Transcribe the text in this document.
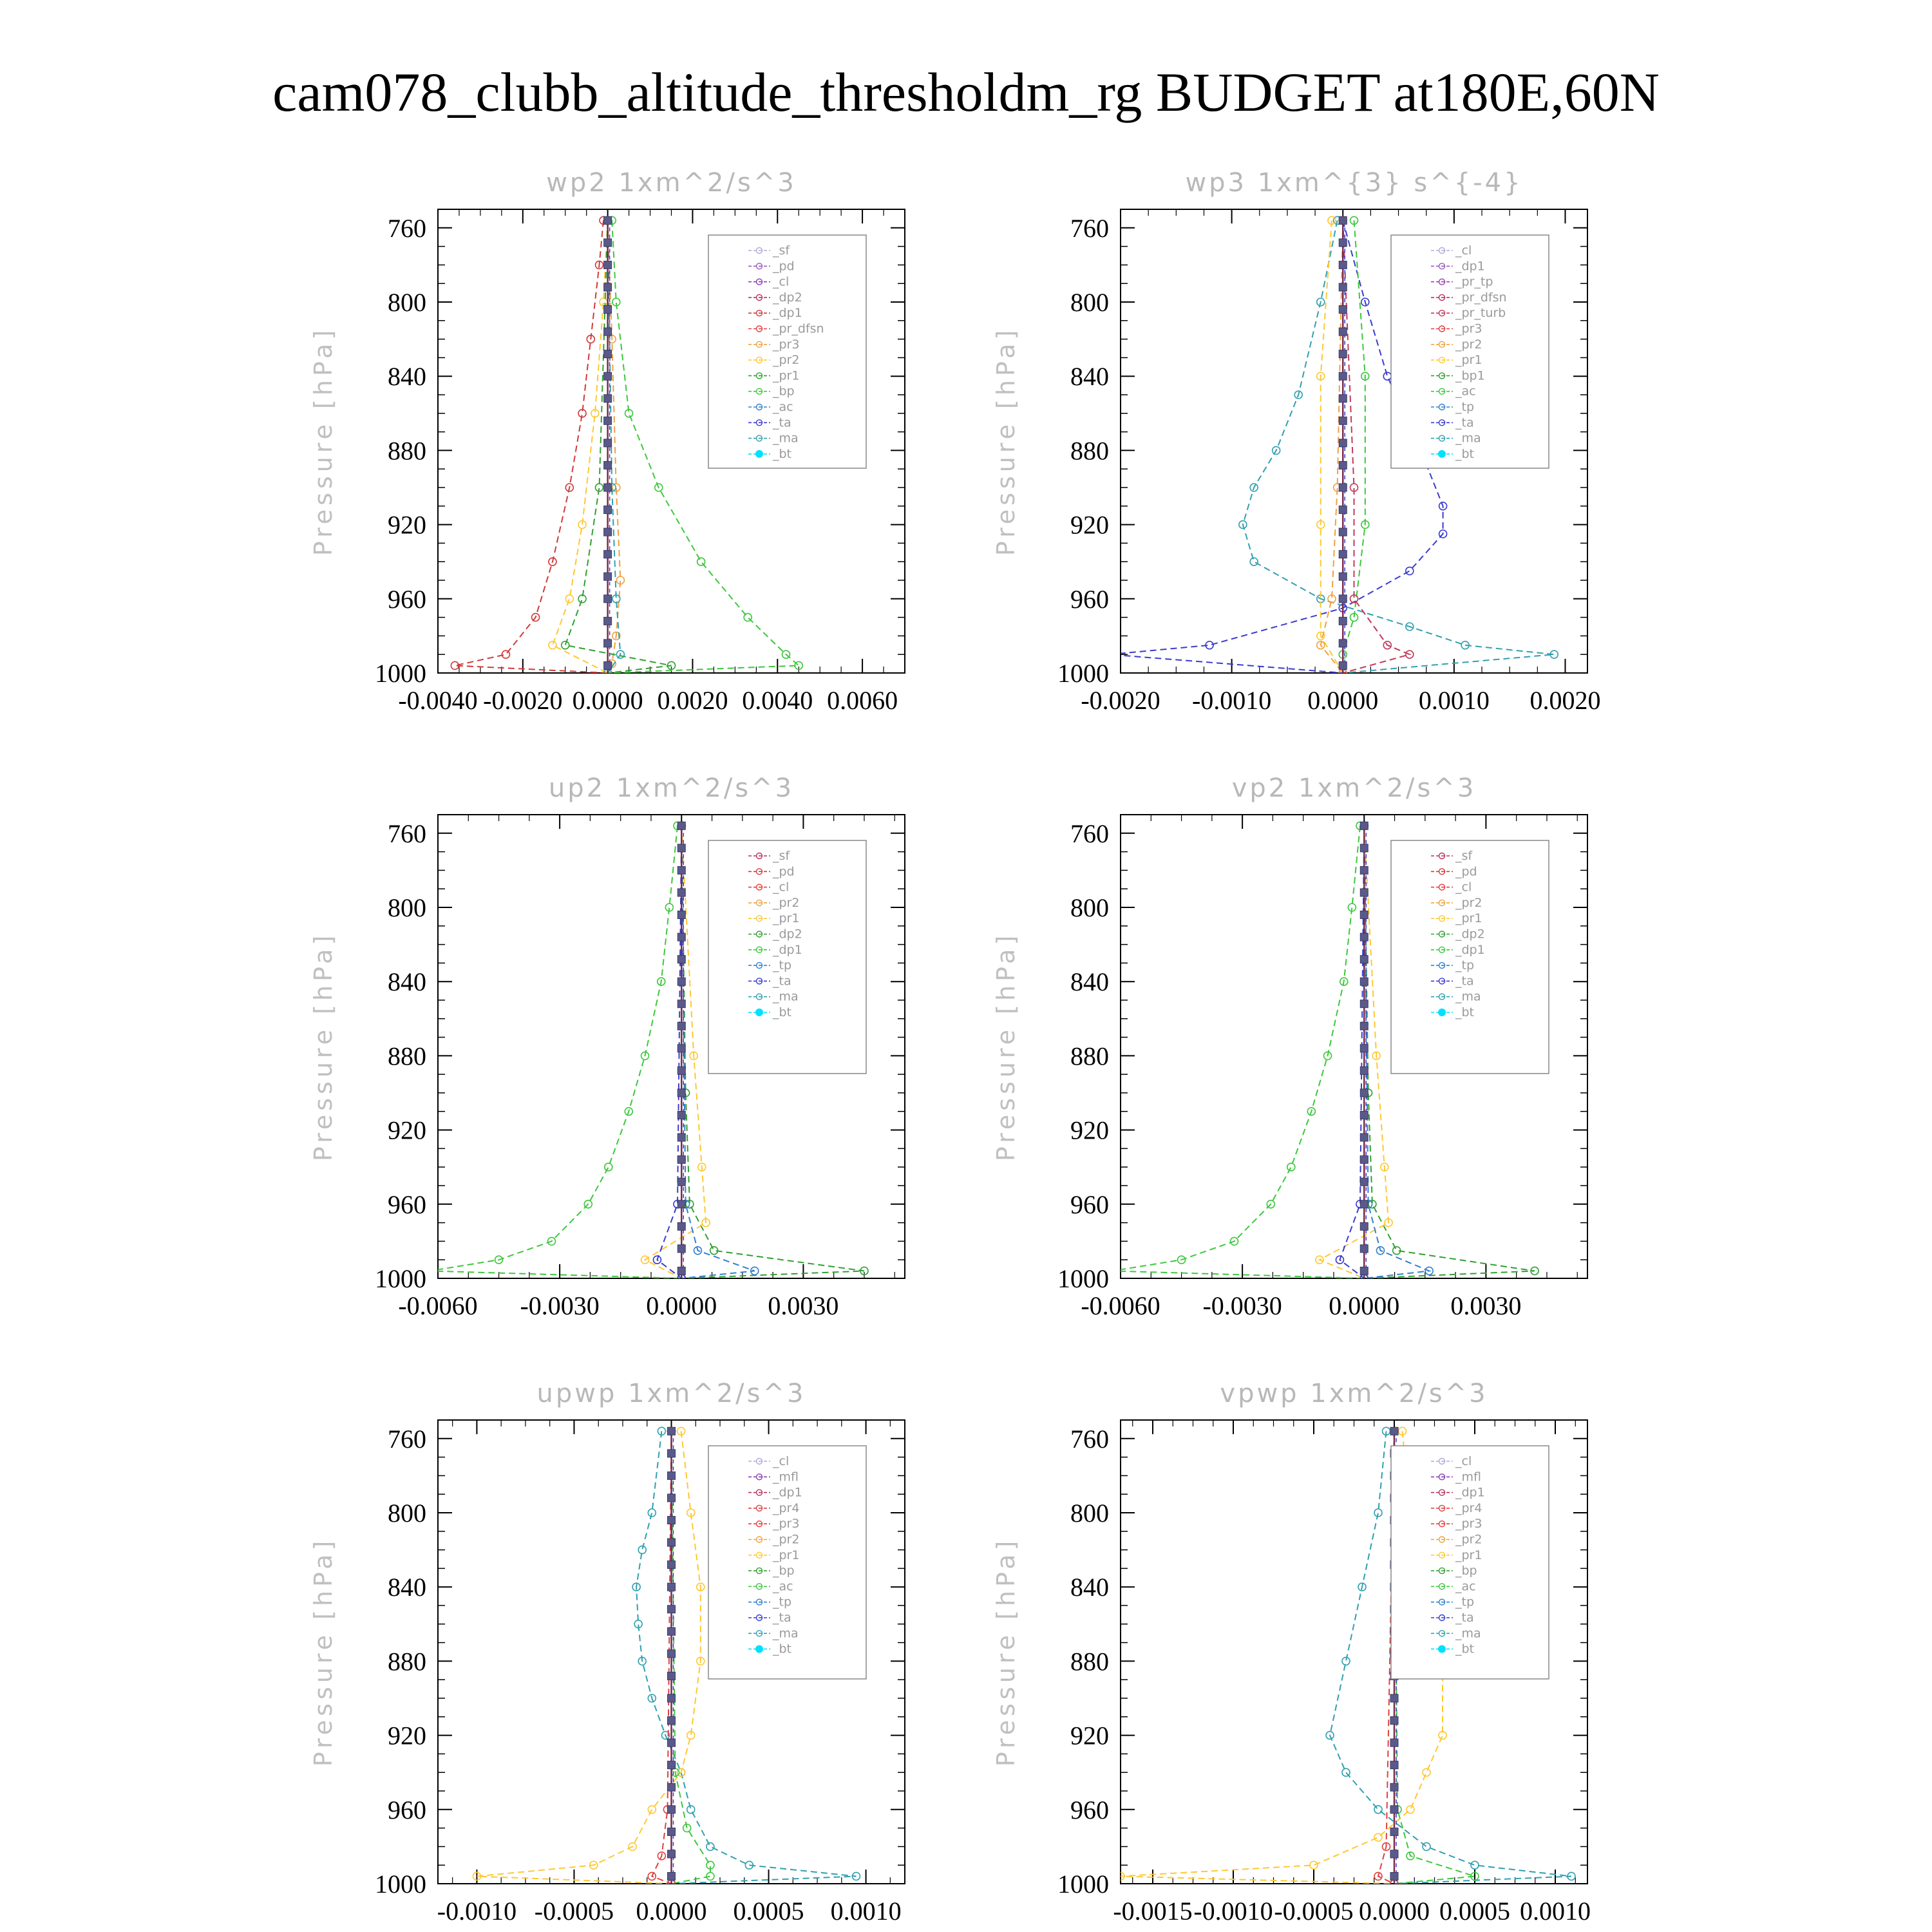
cam078_clubb_altitude_thresholdm_rg BUDGET at180E,60N
wp2 1xm^2/s^3
Pressure [hPa]
760
800
840
880
920
960
1000
-0.0040 -0.0020 0.0000 0.0020 0.0040 0.0060
_sf
_pd
_cl
_dp2
_dp1
_pr_dfsn
_pr3
_pr2
_pr1
_bp
_ac
_ta
_ma
_bt
wp3 1xm^{3} s^{-4}
Pressure [hPa]
760
800
840
880
920
960
1000
-0.0020 -0.0010 0.0000 0.0010 0.0020
_cl
_dp1
_pr_tp
_pr_dfsn
_pr_turb
_pr3
_pr2
_pr1
_bp1
_ac
_tp
_ta
_ma
_bt
up2 1xm^2/s^3
Pressure [hPa]
760
800
840
880
920
960
1000
-0.0060 -0.0030 0.0000 0.0030
_sf
_pd
_cl
_pr2
_pr1
_dp2
_dp1
_tp
_ta
_ma
_bt
vp2 1xm^2/s^3
Pressure [hPa]
760
800
840
880
920
960
1000
-0.0060 -0.0030 0.0000 0.0030
_sf
_pd
_cl
_pr2
_pr1
_dp2
_dp1
_tp
_ta
_ma
_bt
upwp 1xm^2/s^3
Pressure [hPa]
760
800
840
880
920
960
1000
-0.0010 -0.0005 0.0000 0.0005 0.0010
_cl
_mfl
_dp1
_pr4
_pr3
_pr2
_pr1
_bp
_ac
_tp
_ta
_ma
_bt
vpwp 1xm^2/s^3
Pressure [hPa]
760
800
840
880
920
960
1000
-0.0015 -0.0010 -0.0005 0.0000 0.0005 0.0010
_cl
_mfl
_dp1
_pr4
_pr3
_pr2
_pr1
_bp
_ac
_tp
_ta
_ma
_bt
